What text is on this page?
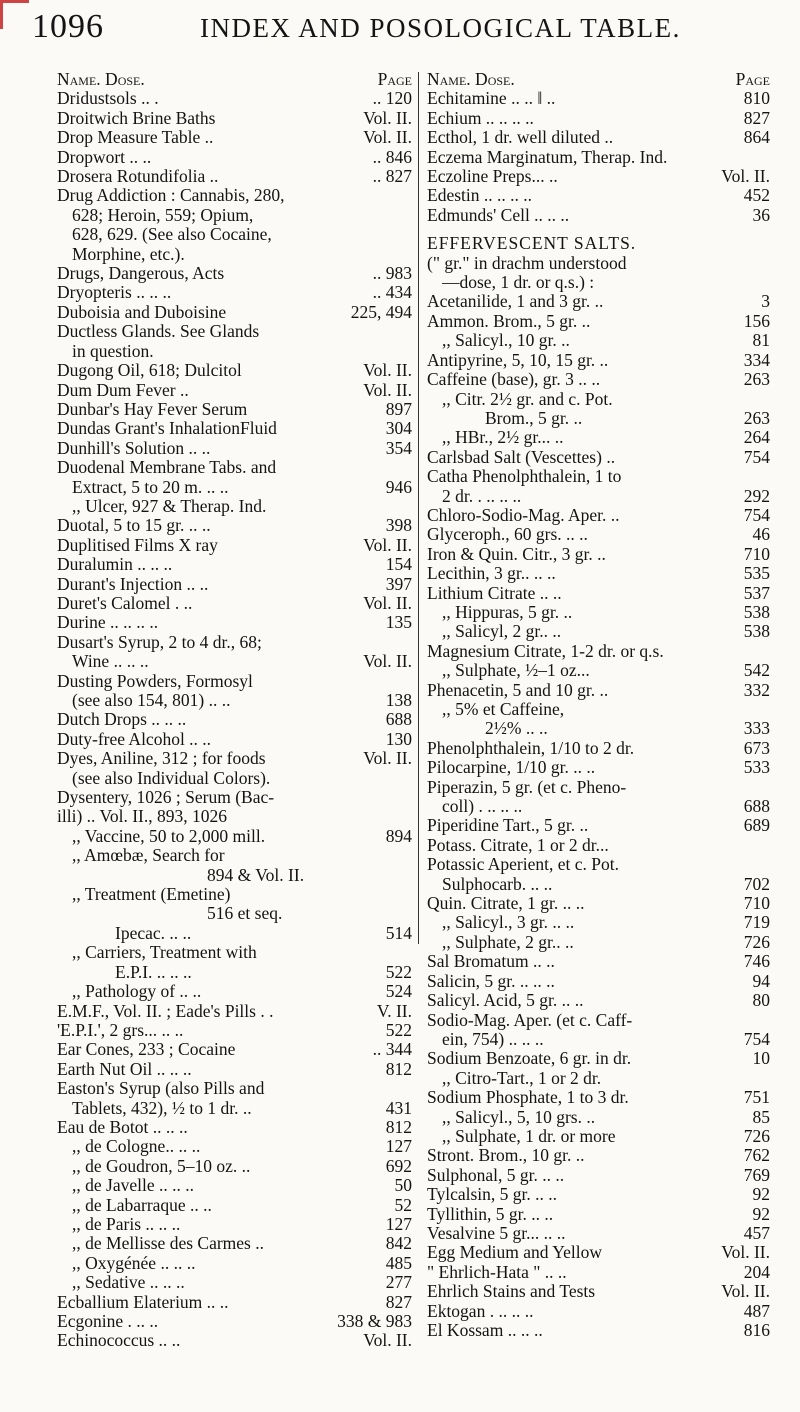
1096	INDEX AND POSOLOGICAL TABLE.
Name. Dose.	Page
Dridustsols .. .	.. 120
Droitwich Brine Baths	Vol. II.
Drop Measure Table ..	Vol. II.
Dropwort .. ..	.. 846
Drosera Rotundifolia ..	.. 827
Drug Addiction : Cannabis, 280,
628; Heroin, 559; Opium,
628, 629. (See also Cocaine,
Morphine, etc.).
Drugs, Dangerous, Acts	.. 983
Dryopteris .. .. ..	.. 434
Duboisia and Duboisine	225, 494
Ductless Glands. See Glands
in question.
Dugong Oil, 618; Dulcitol	Vol. II.
Dum Dum Fever ..	Vol. II.
Dunbar's Hay Fever Serum	897
Dundas Grant's InhalationFluid	304
Dunhill's Solution .. ..	354
Duodenal Membrane Tabs. and
Extract, 5 to 20 m. .. ..	946
,, Ulcer, 927 & Therap. Ind.
Duotal, 5 to 15 gr. .. ..	398
Duplitised Films X ray	Vol. II.
Duralumin .. .. ..	154
Durant's Injection .. ..	397
Duret's Calomel . ..	Vol. II.
Durine .. .. .. ..	135
Dusart's Syrup, 2 to 4 dr., 68;
Wine .. .. ..	Vol. II.
Dusting Powders, Formosyl
(see also 154, 801) .. ..	138
Dutch Drops .. .. ..	688
Duty-free Alcohol .. ..	130
Dyes, Aniline, 312 ; for foods	Vol. II.
(see also Individual Colors).
Dysentery, 1026 ; Serum (Bac-
illi) .. Vol. II., 893, 1026
,, Vaccine, 50 to 2,000 mill.	894
,, Amœbæ, Search for
894 & Vol. II.
,, Treatment (Emetine)
516 et seq.
Ipecac. .. ..	514
,, Carriers, Treatment with
E.P.I. .. .. ..	522
,, Pathology of .. ..	524
E.M.F., Vol. II. ; Eade's Pills . .	V. II.
'E.P.I.', 2 grs... .. ..	522
Ear Cones, 233 ; Cocaine	.. 344
Earth Nut Oil .. .. ..	812
Easton's Syrup (also Pills and
Tablets, 432), ½ to 1 dr. ..	431
Eau de Botot .. .. ..	812
,, de Cologne.. .. ..	127
,, de Goudron, 5–10 oz. ..	692
,, de Javelle .. .. ..	50
,, de Labarraque .. ..	52
,, de Paris .. .. ..	127
,, de Mellisse des Carmes ..	842
,, Oxygénée .. .. ..	485
,, Sedative .. .. ..	277
Ecballium Elaterium .. ..	827
Ecgonine . .. ..	338 & 983
Echinococcus .. ..	Vol. II.
Name. Dose.	Page
Echitamine .. .. ‖ ..	810
Echium .. .. .. ..	827
Ecthol, 1 dr. well diluted ..	864
Eczema Marginatum, Therap. Ind.
Eczoline Preps... ..	Vol. II.
Edestin .. .. .. ..	452
Edmunds' Cell .. .. ..	36
EFFERVESCENT SALTS.
(" gr." in drachm understood
—dose, 1 dr. or q.s.) :
Acetanilide, 1 and 3 gr. ..	3
Ammon. Brom., 5 gr. ..	156
,, Salicyl., 10 gr. ..	81
Antipyrine, 5, 10, 15 gr. ..	334
Caffeine (base), gr. 3 .. ..	263
,, Citr. 2½ gr. and c. Pot.
Brom., 5 gr. ..	263
,, HBr., 2½ gr... ..	264
Carlsbad Salt (Vescettes) ..	754
Catha Phenolphthalein, 1 to
2 dr. . .. .. ..	292
Chloro-Sodio-Mag. Aper. ..	754
Glyceroph., 60 grs. .. ..	46
Iron & Quin. Citr., 3 gr. ..	710
Lecithin, 3 gr.. .. ..	535
Lithium Citrate .. ..	537
,, Hippuras, 5 gr. ..	538
,, Salicyl, 2 gr.. ..	538
Magnesium Citrate, 1-2 dr. or q.s.
,, Sulphate, ½–1 oz...	542
Phenacetin, 5 and 10 gr. ..	332
,, 5% et Caffeine,
2½% .. ..	333
Phenolphthalein, 1/10 to 2 dr.	673
Pilocarpine, 1/10 gr. .. ..	533
Piperazin, 5 gr. (et c. Pheno-
coll) . .. .. ..	688
Piperidine Tart., 5 gr. ..	689
Potass. Citrate, 1 or 2 dr...
Potassic Aperient, et c. Pot.
Sulphocarb. .. ..	702
Quin. Citrate, 1 gr. .. ..	710
,, Salicyl., 3 gr. .. ..	719
,, Sulphate, 2 gr.. ..	726
Sal Bromatum .. ..	746
Salicin, 5 gr. .. .. ..	94
Salicyl. Acid, 5 gr. .. ..	80
Sodio-Mag. Aper. (et c. Caff-
ein, 754) .. .. ..	754
Sodium Benzoate, 6 gr. in dr.	10
,, Citro-Tart., 1 or 2 dr.
Sodium Phosphate, 1 to 3 dr.	751
,, Salicyl., 5, 10 grs. ..	85
,, Sulphate, 1 dr. or more	726
Stront. Brom., 10 gr. ..	762
Sulphonal, 5 gr. .. ..	769
Tylcalsin, 5 gr. .. ..	92
Tyllithin, 5 gr. .. ..	92
Vesalvine 5 gr... .. ..	457
Egg Medium and Yellow	Vol. II.
" Ehrlich-Hata " .. ..	204
Ehrlich Stains and Tests	Vol. II.
Ektogan . .. .. ..	487
El Kossam .. .. ..	816
